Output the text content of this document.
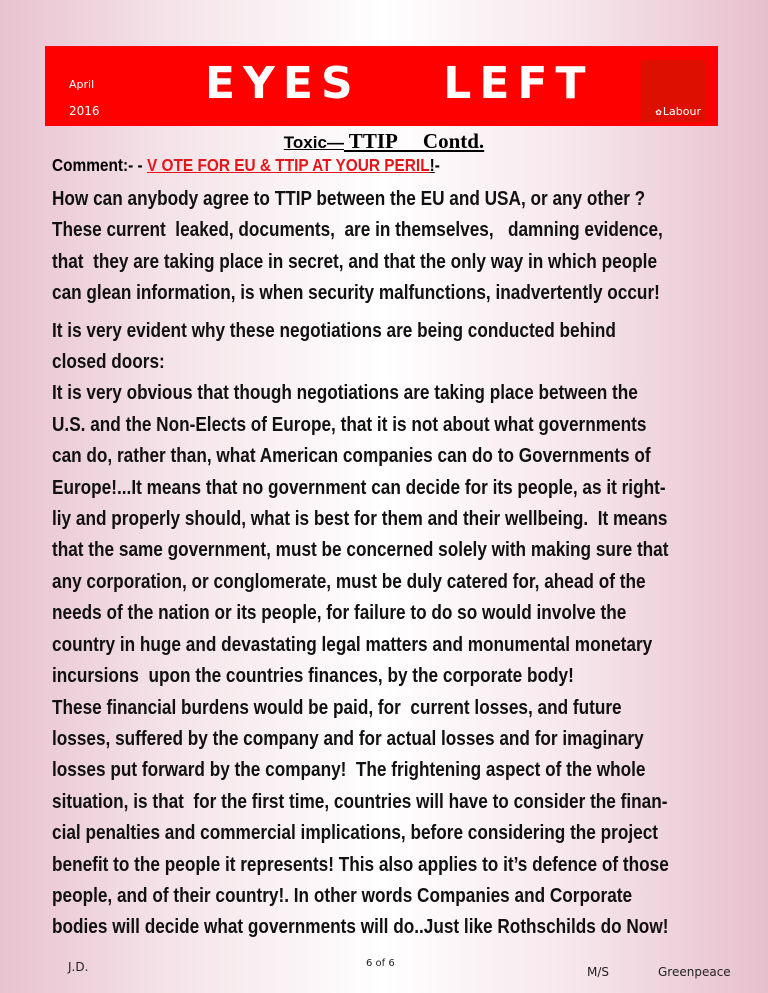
April
2016
EYES  LEFT
✿Labour
Toxic— TTIP     Contd.
Comment:- - V OTE FOR EU & TTIP AT YOUR PERIL!-

How can anybody agree to TTIP between the EU and USA, or any other ?

These current  leaked, documents,  are in themselves,   damning evidence,

that  they are taking place in secret, and that the only way in which people

can glean information, is when security malfunctions, inadvertently occur!

It is very evident why these negotiations are being conducted behind

closed doors:

It is very obvious that though negotiations are taking place between the

U.S. and the Non-Elects of Europe, that it is not about what governments

can do, rather than, what American companies can do to Governments of

Europe!...It means that no government can decide for its people, as it right-

liy and properly should, what is best for them and their wellbeing.  It means

that the same government, must be concerned solely with making sure that

any corporation, or conglomerate, must be duly catered for, ahead of the

needs of the nation or its people, for failure to do so would involve the

country in huge and devastating legal matters and monumental monetary

incursions  upon the countries finances, by the corporate body!

These financial burdens would be paid, for  current losses, and future

losses, suffered by the company and for actual losses and for imaginary

losses put forward by the company!  The frightening aspect of the whole

situation, is that  for the first time, countries will have to consider the finan-

cial penalties and commercial implications, before considering the project

benefit to the people it represents! This also applies to it’s defence of those

people, and of their country!. In other words Companies and Corporate

bodies will decide what governments will do..Just like Rothschilds do Now!

J.D.	6 of 6
M/S	Greenpeace
